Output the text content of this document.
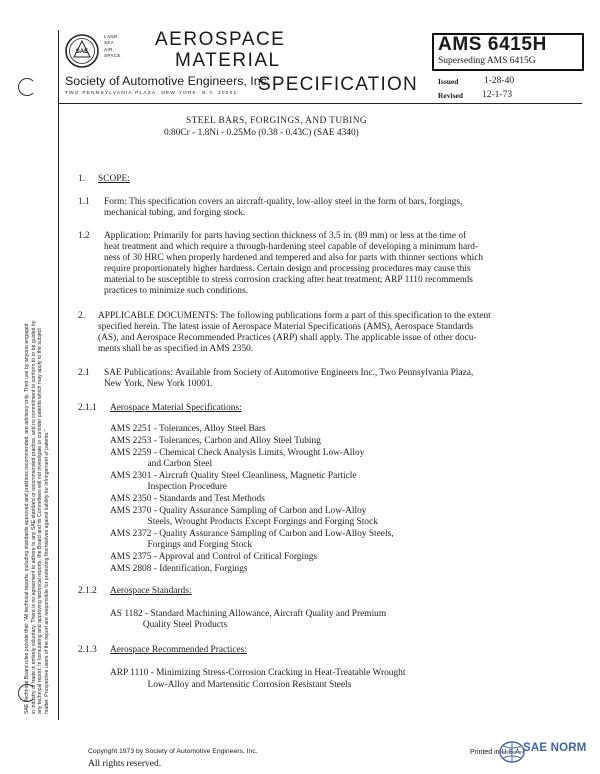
SAE
LAND
SEA
AIR
SPACE
AEROSPACE
MATERIAL
SPECIFICATION
Society of Automotive Engineers, Inc.
TWO PENNSYLVANIA PLAZA, NEW YORK, N.Y. 10001
AMS 6415H
Superseding AMS 6415G
Issued	1-28-40
Revised 12-1-73
STEEL BARS, FORGINGS, AND TUBING
0.80Cr - 1.8Ni - 0.25Mo (0.38 - 0.43C) (SAE 4340)
SAE Technical Board rules provide that: "All technical reports, including standards approved and practices recommended, are advisory only. Their use by anyone engaged in industry or trade is entirely voluntary. There is no agreement to adhere to any SAE standard or recommended practice, and no commitment to conform to or be guided by any technical report. In formulating and approving technical reports, the Board and its Committees will not investigate or consider patents which may apply to the subject matter. Prospective users of the report are responsible for protecting themselves against liability for infringement of patents."
1. SCOPE:
1.1 Form: This specification covers an aircraft-quality, low-alloy steel in the form of bars, forgings,
mechanical tubing, and forging stock.
1.2 Application: Primarily for parts having section thickness of 3.5 in. (89 mm) or less at the time of
heat treatment and which require a through-hardening steel capable of developing a minimum hard-
ness of 30 HRC when properly hardened and tempered and also for parts with thinner sections which
require proportionately higher hardness. Certain design and processing procedures may cause this
material to be susceptible to stress corrosion cracking after heat treatment; ARP 1110 recommends
practices to minimize such conditions.
2. APPLICABLE DOCUMENTS: The following publications form a part of this specification to the extent
specified herein. The latest issue of Aerospace Material Specifications (AMS), Aerospace Standards
(AS), and Aerospace Recommended Practices (ARP) shall apply. The applicable issue of other docu-
ments shall be as specified in AMS 2350.
2.1 SAE Publications: Available from Society of Automotive Engineers Inc., Two Pennsylvania Plaza,
New York, New York 10001.
2.1.1 Aerospace Material Specifications:
AMS 2251 - Tolerances, Alloy Steel Bars
AMS 2253 - Tolerances, Carbon and Alloy Steel Tubing
AMS 2259 - Chemical Check Analysis Limits, Wrought Low-Alloy
and Carbon Steel
AMS 2301 - Aircraft Quality Steel Cleanliness, Magnetic Particle
Inspection Procedure
AMS 2350 - Standards and Test Methods
AMS 2370 - Quality Assurance Sampling of Carbon and Low-Alloy
Steels, Wrought Products Except Forgings and Forging Stock
AMS 2372 - Quality Assurance Sampling of Carbon and Low-Alloy Steels,
Forgings and Forging Stock
AMS 2375 - Approval and Control of Critical Forgings
AMS 2808 - Identification, Forgings
2.1.2 Aerospace Standards:
AS 1182 - Standard Machining Allowance, Aircraft Quality and Premium
Quality Steel Products
2.1.3 Aerospace Recommended Practices:
ARP 1110 - Minimizing Stress-Corrosion Cracking in Heat-Treatable Wrought
Low-Alloy and Martensitic Corrosion Resistant Steels
Copyright 1973 by Society of Automotive Engineers, Inc.
All rights reserved.
Printed in U.S.A. SAE NORM
